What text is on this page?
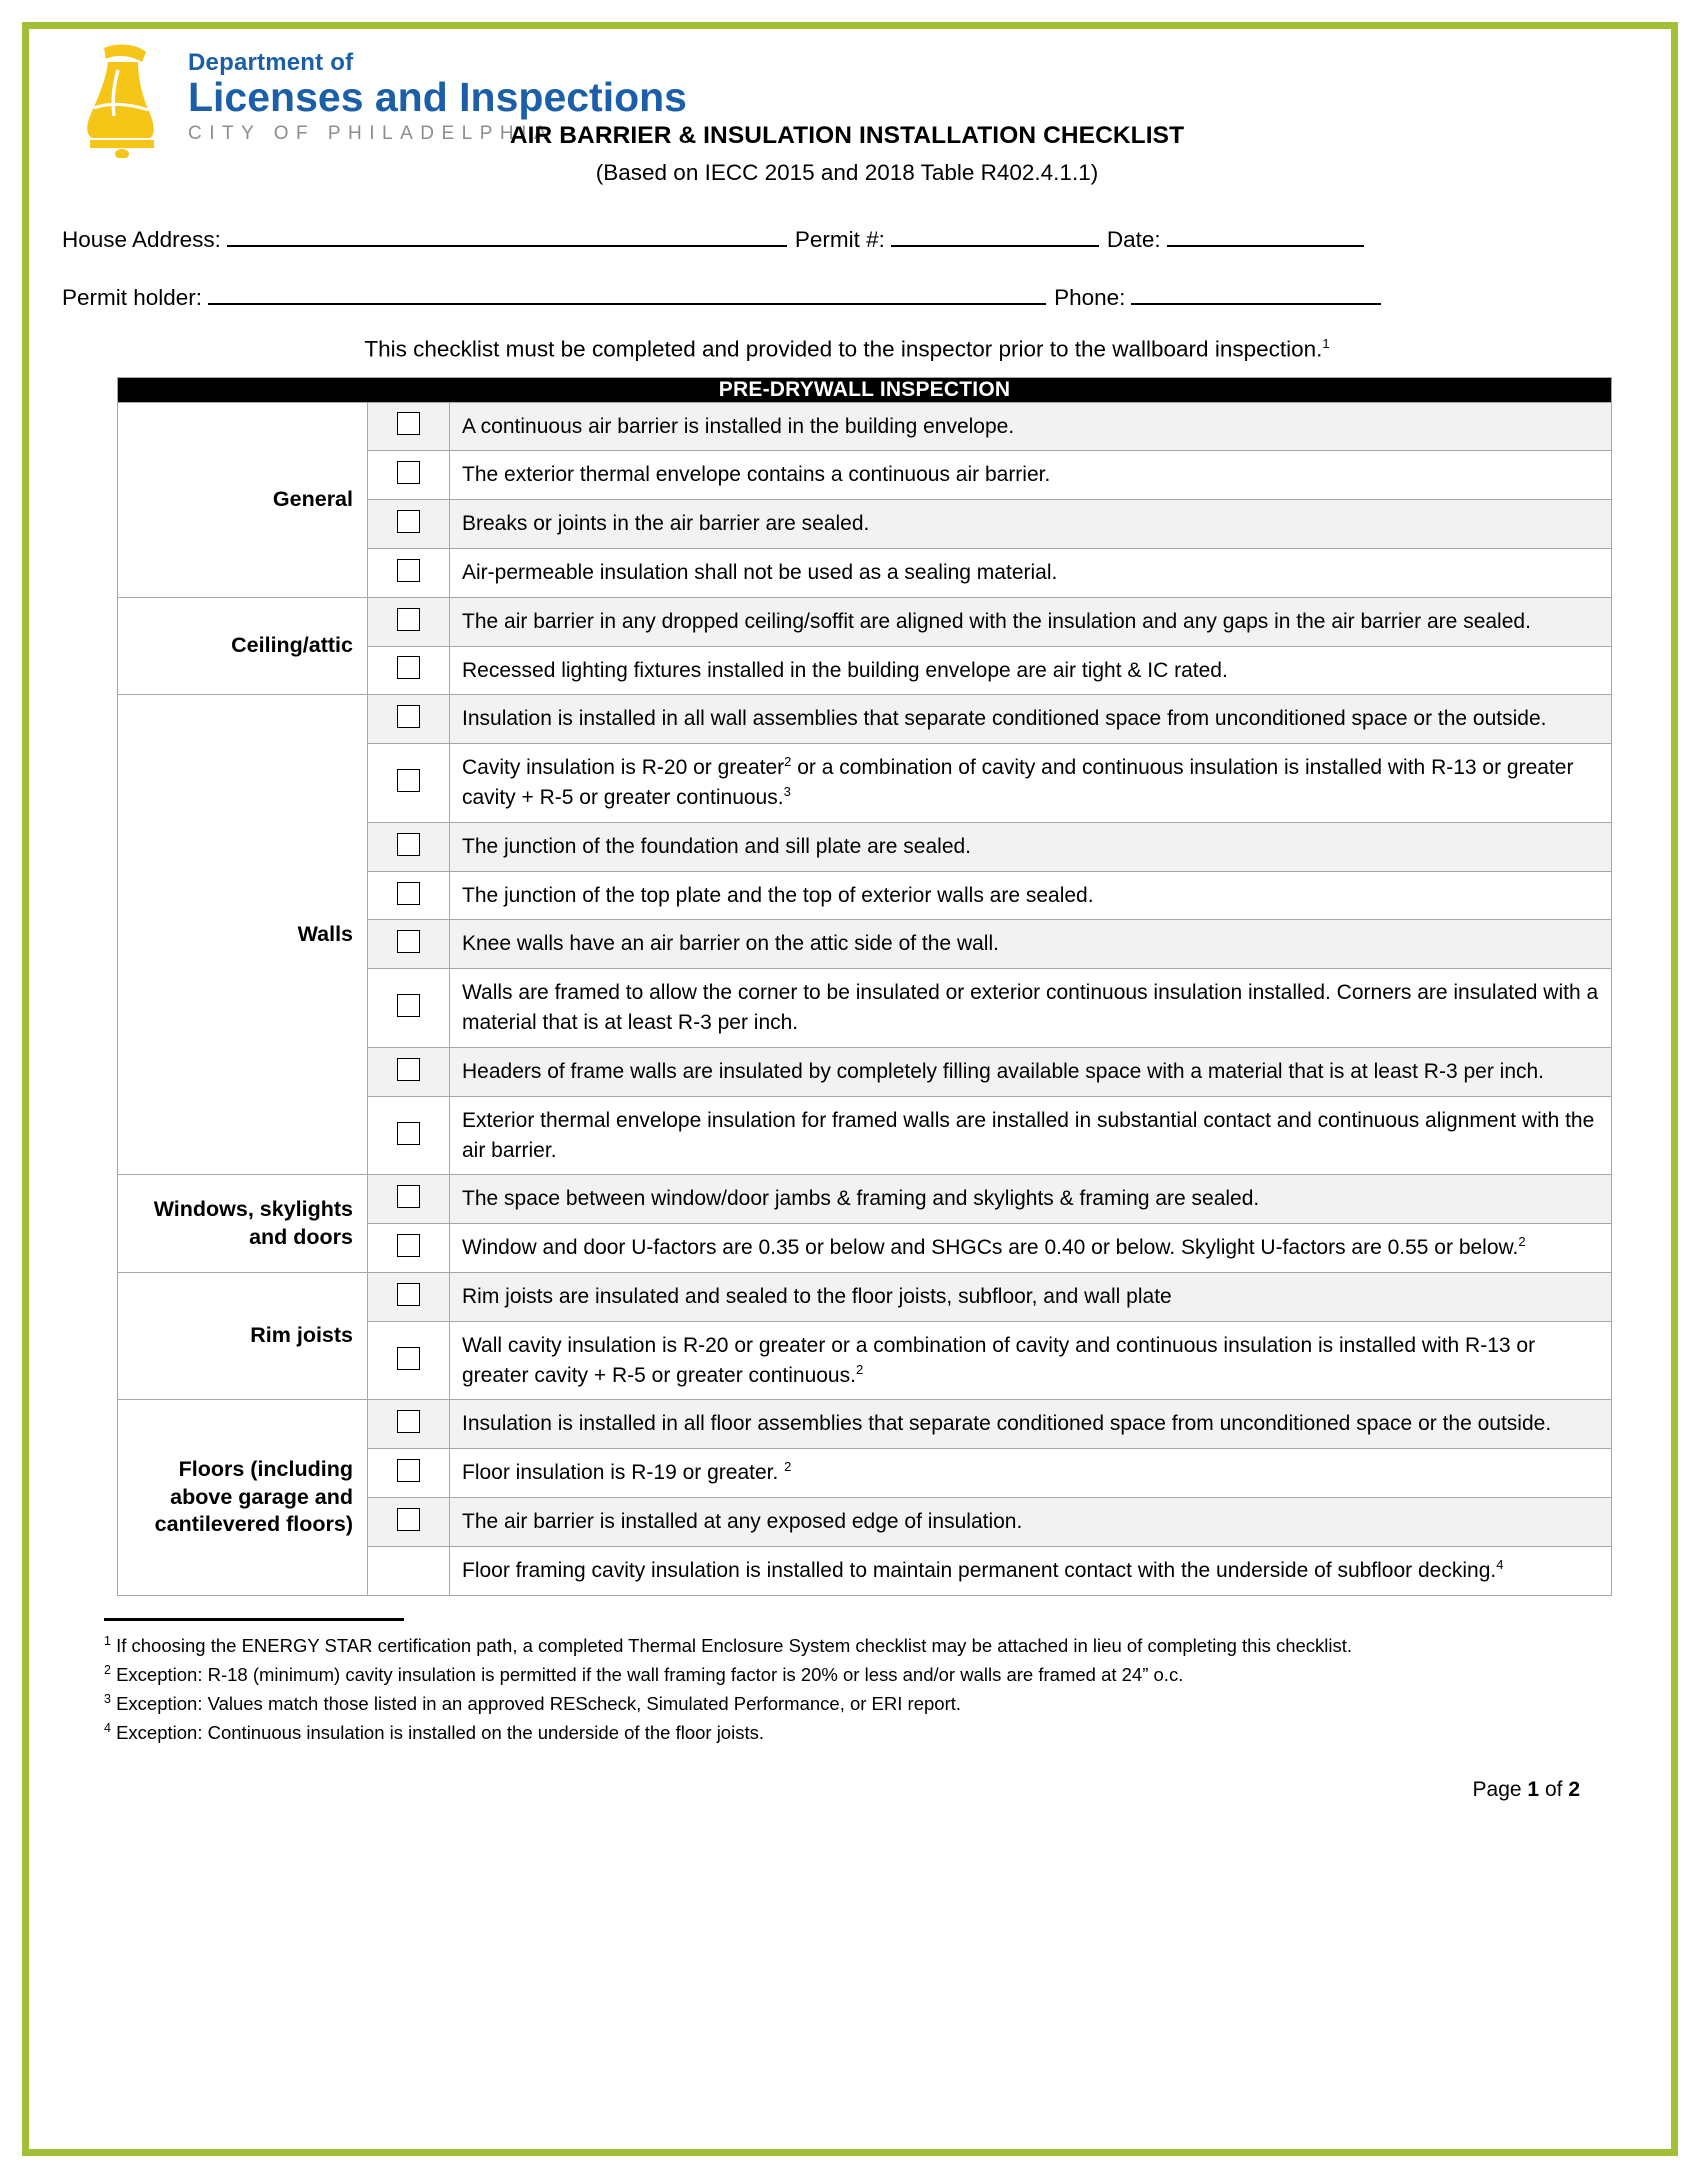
Department of
Licenses and Inspections
CITY OF PHILADELPHIA
AIR BARRIER & INSULATION INSTALLATION CHECKLIST
(Based on IECC 2015 and 2018 Table R402.4.1.1)
House Address:	Permit #:	Date:
Permit holder:	Phone:
This checklist must be completed and provided to the inspector prior to the wallboard inspection.$^1$
PRE-DRYWALL INSPECTION		
General		A continuous air barrier is installed in the building envelope.
		The exterior thermal envelope contains a continuous air barrier.
		Breaks or joints in the air barrier are sealed.
		Air-permeable insulation shall not be used as a sealing material.
Ceiling/attic		The air barrier in any dropped ceiling/soffit are aligned with the insulation and any gaps in the air barrier are sealed.
		Recessed lighting fixtures installed in the building envelope are air tight & IC rated.
Walls		Insulation is installed in all wall assemblies that separate conditioned space from unconditioned space or the outside.
		Cavity insulation is R-20 or greater$^2$ or a combination of cavity and continuous insulation is installed with R-13 or greater cavity + R-5 or greater continuous.$^3$
		The junction of the foundation and sill plate are sealed.
		The junction of the top plate and the top of exterior walls are sealed.
		Knee walls have an air barrier on the attic side of the wall.
		Walls are framed to allow the corner to be insulated or exterior continuous insulation installed. Corners are insulated with a material that is at least R-3 per inch.
		Headers of frame walls are insulated by completely filling available space with a material that is at least R-3 per inch.
		Exterior thermal envelope insulation for framed walls are installed in substantial contact and continuous alignment with the air barrier.
Windows, skylights and doors		The space between window/door jambs & framing and skylights & framing are sealed.
		Window and door U-factors are 0.35 or below and SHGCs are 0.40 or below. Skylight U-factors are 0.55 or below.$^2$
Rim joists		Rim joists are insulated and sealed to the floor joists, subfloor, and wall plate
		Wall cavity insulation is R-20 or greater or a combination of cavity and continuous insulation is installed with R-13 or greater cavity + R-5 or greater continuous.$^2$
Floors (including above garage and cantilevered floors)		Insulation is installed in all floor assemblies that separate conditioned space from unconditioned space or the outside.
		Floor insulation is R-19 or greater. $^2$
		The air barrier is installed at any exposed edge of insulation.
		Floor framing cavity insulation is installed to maintain permanent contact with the underside of subfloor decking.$^4$
$^1$ If choosing the ENERGY STAR certification path, a completed Thermal Enclosure System checklist may be attached in lieu of completing this checklist.
$^2$ Exception: R-18 (minimum) cavity insulation is permitted if the wall framing factor is 20% or less and/or walls are framed at 24” o.c.
$^3$ Exception: Values match those listed in an approved REScheck, Simulated Performance, or ERI report.
$^4$ Exception: Continuous insulation is installed on the underside of the floor joists.
Page 1 of 2
